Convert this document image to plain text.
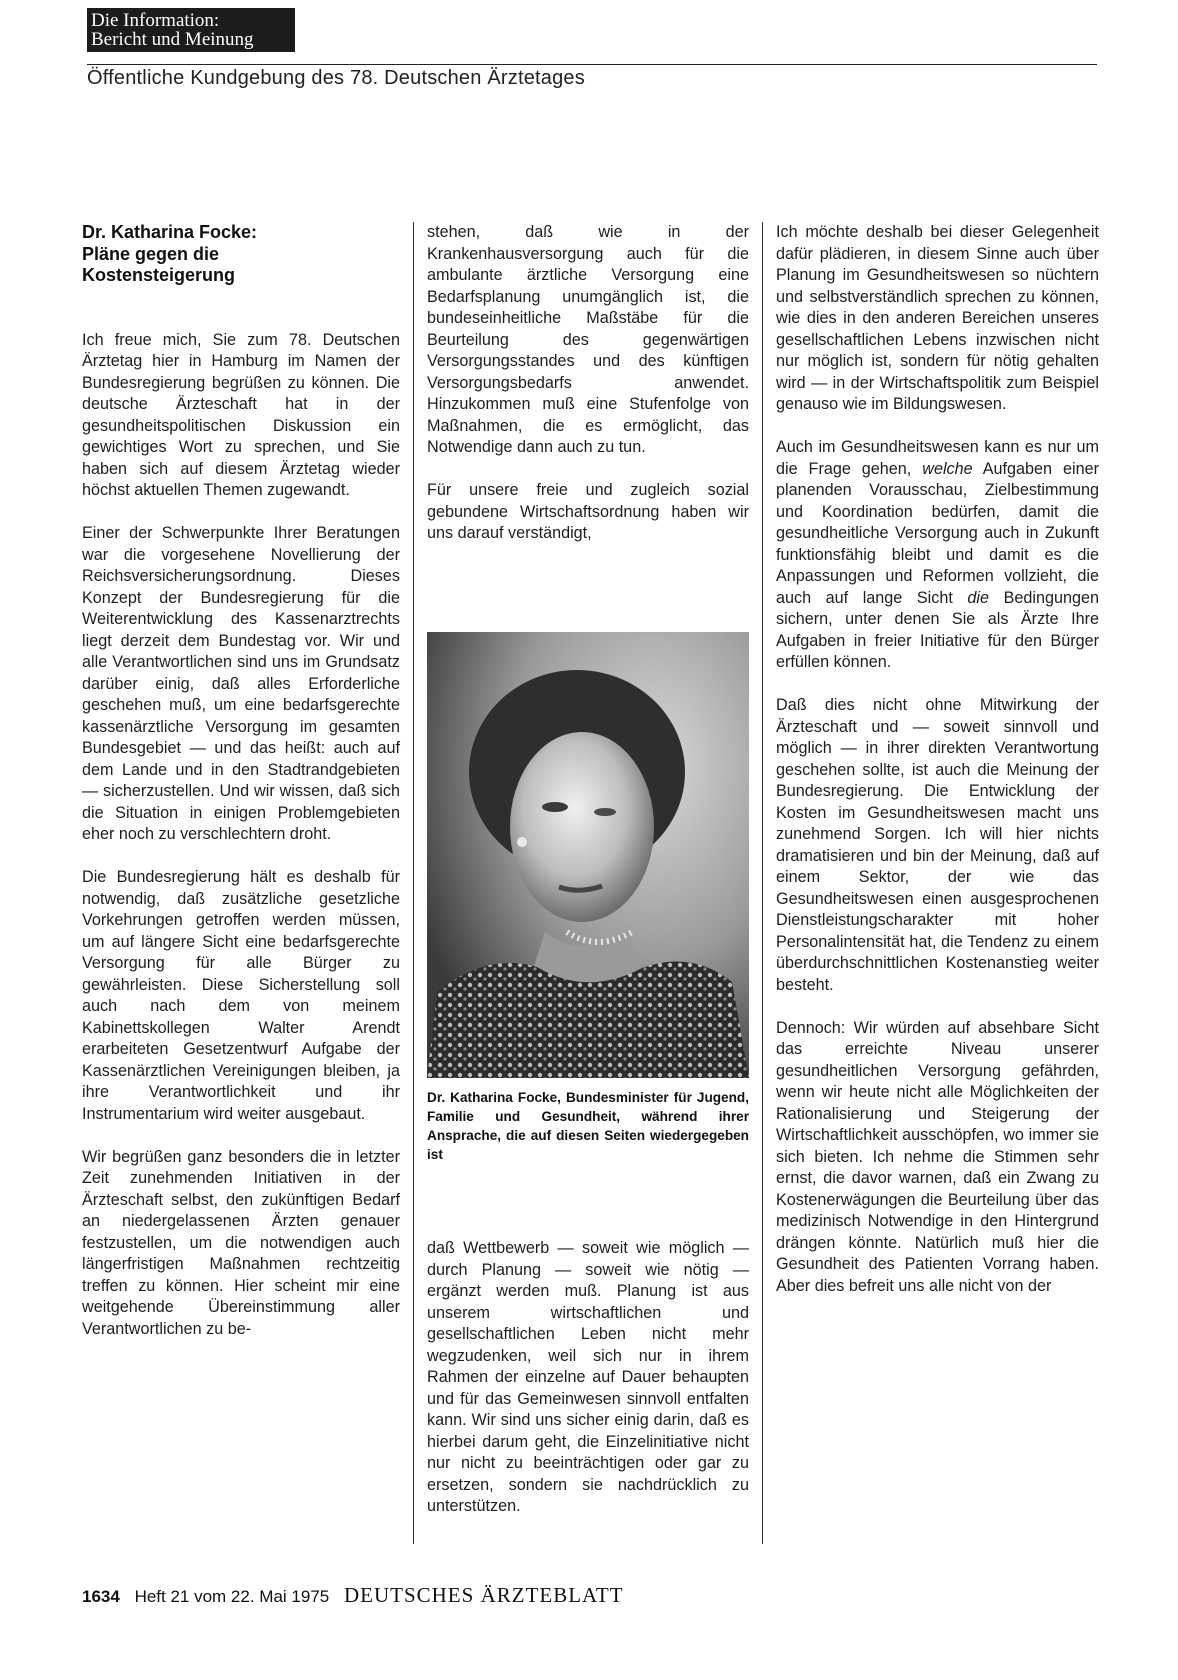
Die Information:
Bericht und Meinung
Öffentliche Kundgebung des 78. Deutschen Ärztetages
Dr. Katharina Focke:
Pläne gegen die
Kostensteigerung

Ich freue mich, Sie zum 78. Deutschen Ärztetag hier in Hamburg im Namen der Bundesregierung begrüßen zu können. Die deutsche Ärzteschaft hat in der gesundheitspolitischen Diskussion ein gewichtiges Wort zu sprechen, und Sie haben sich auf diesem Ärztetag wieder höchst aktuellen Themen zugewandt.

Einer der Schwerpunkte Ihrer Beratungen war die vorgesehene Novellierung der Reichsversicherungsordnung. Dieses Konzept der Bundesregierung für die Weiterentwicklung des Kassenarztrechts liegt derzeit dem Bundestag vor. Wir und alle Verantwortlichen sind uns im Grundsatz darüber einig, daß alles Erforderliche geschehen muß, um eine bedarfsgerechte kassenärztliche Versorgung im gesamten Bundesgebiet — und das heißt: auch auf dem Lande und in den Stadtrandgebieten — sicherzustellen. Und wir wissen, daß sich die Situation in einigen Problemgebieten eher noch zu verschlechtern droht.

Die Bundesregierung hält es deshalb für notwendig, daß zusätzliche gesetzliche Vorkehrungen getroffen werden müssen, um auf längere Sicht eine bedarfsgerechte Versorgung für alle Bürger zu gewährleisten. Diese Sicherstellung soll auch nach dem von meinem Kabinettskollegen Walter Arendt erarbeiteten Gesetzentwurf Aufgabe der Kassenärztlichen Vereinigungen bleiben, ja ihre Verantwortlichkeit und ihr Instrumentarium wird weiter ausgebaut.

Wir begrüßen ganz besonders die in letzter Zeit zunehmenden Initiativen in der Ärzteschaft selbst, den zukünftigen Bedarf an niedergelassenen Ärzten genauer festzustellen, um die notwendigen auch längerfristigen Maßnahmen rechtzeitig treffen zu können. Hier scheint mir eine weitgehende Übereinstimmung aller Verantwortlichen zu be-

stehen, daß wie in der Krankenhausversorgung auch für die ambulante ärztliche Versorgung eine Bedarfsplanung unumgänglich ist, die bundeseinheitliche Maßstäbe für die Beurteilung des gegenwärtigen Versorgungsstandes und des künftigen Versorgungsbedarfs anwendet. Hinzukommen muß eine Stufenfolge von Maßnahmen, die es ermöglicht, das Notwendige dann auch zu tun.

Für unsere freie und zugleich sozial gebundene Wirtschaftsordnung haben wir uns darauf verständigt,

Dr. Katharina Focke, Bundesminister für Jugend, Familie und Gesundheit, während ihrer Ansprache, die auf diesen Seiten wiedergegeben ist

daß Wettbewerb — soweit wie möglich — durch Planung — soweit wie nötig — ergänzt werden muß. Planung ist aus unserem wirtschaftlichen und gesellschaftlichen Leben nicht mehr wegzudenken, weil sich nur in ihrem Rahmen der einzelne auf Dauer behaupten und für das Gemeinwesen sinnvoll entfalten kann. Wir sind uns sicher einig darin, daß es hierbei darum geht, die Einzelinitiative nicht nur nicht zu beeinträchtigen oder gar zu ersetzen, sondern sie nachdrücklich zu unterstützen.

Ich möchte deshalb bei dieser Gelegenheit dafür plädieren, in diesem Sinne auch über Planung im Gesundheitswesen so nüchtern und selbstverständlich sprechen zu können, wie dies in den anderen Bereichen unseres gesellschaftlichen Lebens inzwischen nicht nur möglich ist, sondern für nötig gehalten wird — in der Wirtschaftspolitik zum Beispiel genauso wie im Bildungswesen.

Auch im Gesundheitswesen kann es nur um die Frage gehen, welche Aufgaben einer planenden Vorausschau, Zielbestimmung und Koordination bedürfen, damit die gesundheitliche Versorgung auch in Zukunft funktionsfähig bleibt und damit es die Anpassungen und Reformen vollzieht, die auch auf lange Sicht die Bedingungen sichern, unter denen Sie als Ärzte Ihre Aufgaben in freier Initiative für den Bürger erfüllen können.

Daß dies nicht ohne Mitwirkung der Ärzteschaft und — soweit sinnvoll und möglich — in ihrer direkten Verantwortung geschehen sollte, ist auch die Meinung der Bundesregierung. Die Entwicklung der Kosten im Gesundheitswesen macht uns zunehmend Sorgen. Ich will hier nichts dramatisieren und bin der Meinung, daß auf einem Sektor, der wie das Gesundheitswesen einen ausgesprochenen Dienstleistungscharakter mit hoher Personalintensität hat, die Tendenz zu einem überdurchschnittlichen Kostenanstieg weiter besteht.

Dennoch: Wir würden auf absehbare Sicht das erreichte Niveau unserer gesundheitlichen Versorgung gefährden, wenn wir heute nicht alle Möglichkeiten der Rationalisierung und Steigerung der Wirtschaftlichkeit ausschöpfen, wo immer sie sich bieten. Ich nehme die Stimmen sehr ernst, die davor warnen, daß ein Zwang zu Kostenerwägungen die Beurteilung über das medizinisch Notwendige in den Hintergrund drängen könnte. Natürlich muß hier die Gesundheit des Patienten Vorrang haben. Aber dies befreit uns alle nicht von der

1634 Heft 21 vom 22. Mai 1975 DEUTSCHES ÄRZTEBLATT
